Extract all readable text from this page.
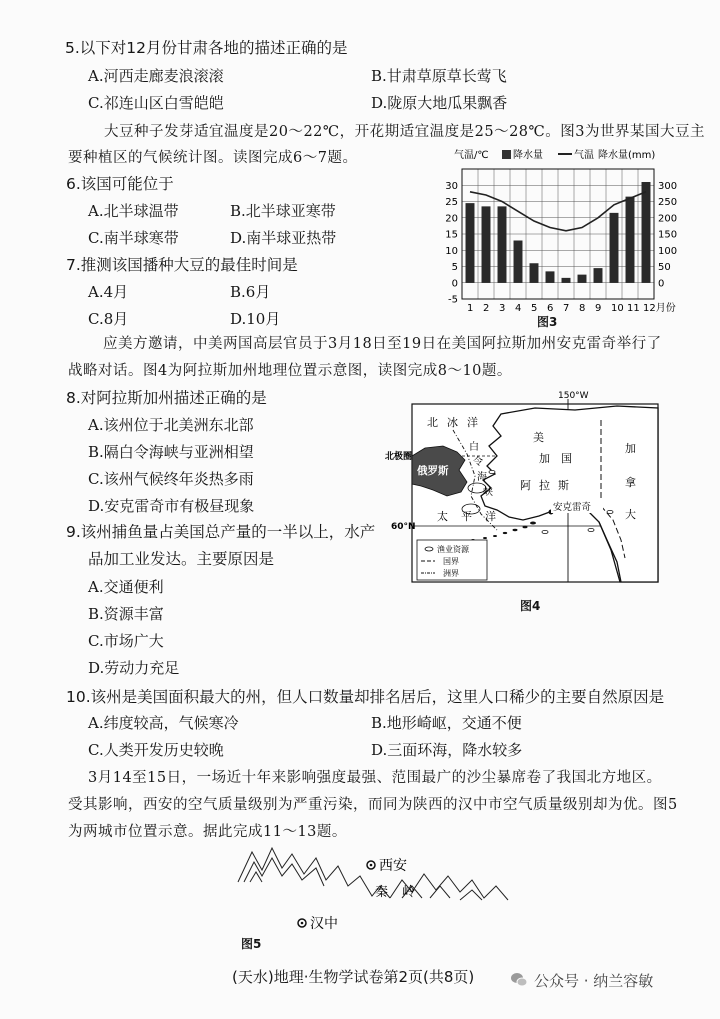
5.以下对12月份甘肃各地的描述正确的是
A.河西走廊麦浪滚滚	B.甘肃草原草长莺飞
C.祁连山区白雪皑皑	D.陇原大地瓜果飘香
大豆种子发芽适宜温度是20～22℃，开花期适宜温度是25～28℃。图3为世界某国大豆主
要种植区的气候统计图。读图完成6～7题。
6.该国可能位于
A.北半球温带	B.北半球亚寒带
C.南半球寒带	D.南半球亚热带
7.推测该国播种大豆的最佳时间是
A.4月	B.6月
C.8月	D.10月
气温/℃ 降水量	气温 降水量(mm)
30
25
20
15
10
5
0
-5
300
250
200
150
100
50
0
1 2 3 4 5 6 7 8 9 10 11 12月份
图3
应美方邀请，中美两国高层官员于3月18日至19日在美国阿拉斯加州安克雷奇举行了
战略对话。图4为阿拉斯加州地理位置示意图，读图完成8～10题。
8.对阿拉斯加州描述正确的是
A.该州位于北美洲东北部
B.隔白令海峡与亚洲相望
C.该州气候终年炎热多雨
D.安克雷奇市有极昼现象
9.该州捕鱼量占美国总产量的一半以上，水产
品加工业发达。主要原因是
A.交通便利
B.资源丰富
C.市场广大
D.劳动力充足
安克雷奇
150°W
北极圈
60°N
北 冰 洋
俄罗斯
白
令
海
峡
阿 拉 斯
加
美
国
加
拿
大
太 平 洋
渔业资源
国界
洲界
图4
10.该州是美国面积最大的州，但人口数量却排名居后，这里人口稀少的主要自然原因是
A.纬度较高，气候寒冷	B.地形崎岖，交通不便
C.人类开发历史较晚	D.三面环海，降水较多
3月14至15日，一场近十年来影响强度最强、范围最广的沙尘暴席卷了我国北方地区。
受其影响，西安的空气质量级别为严重污染，而同为陕西的汉中市空气质量级别却为优。图5
为两城市位置示意。据此完成11～13题。
西安
秦 岭
汉中
图5
(天水)地理·生物学试卷第2页(共8页)	公众号 · 纳兰容敏
